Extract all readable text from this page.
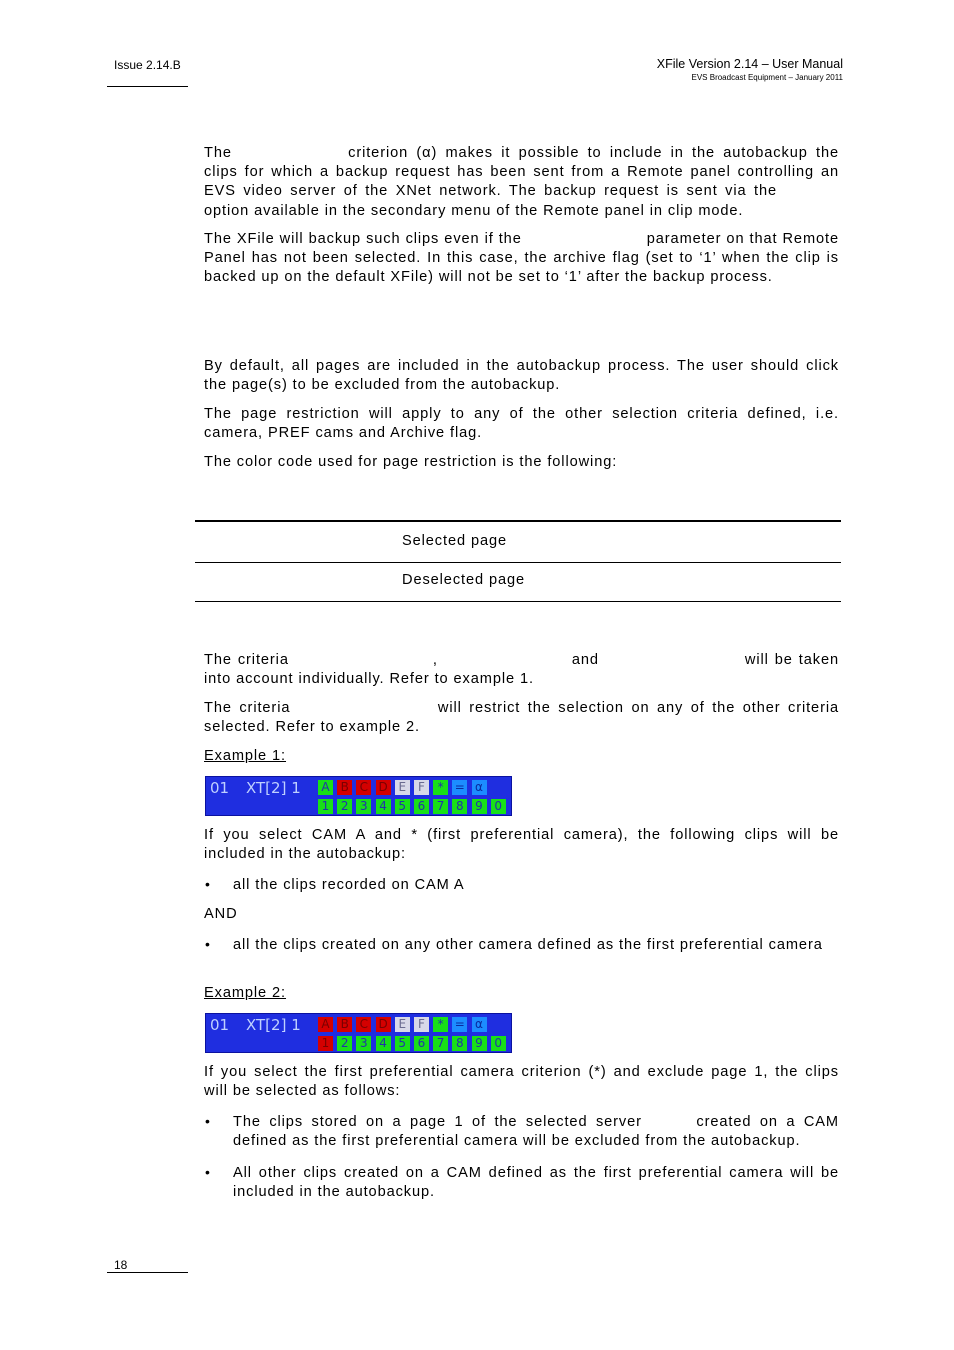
Issue 2.14.B	XFile Version 2.14 – User Manual
EVS Broadcast Equipment – January 2011
The	criterion (α) makes it possible to include in the autobackup the clips for which a backup request has been sent from a Remote panel controlling an EVS video server of the XNet network. The backup request is sent via the option available in the secondary menu of the Remote panel in clip mode.
The XFile will backup such clips even if the	parameter on that Remote Panel has not been selected. In this case, the archive flag (set to ‘1’ when the clip is backed up on the default XFile) will not be set to ‘1’ after the backup process.
By default, all pages are included in the autobackup process. The user should click the page(s) to be excluded from the autobackup.
The page restriction will apply to any of the other selection criteria defined, i.e. camera, PREF cams and Archive flag.
The color code used for page restriction is the following:
Selected page
Deselected page
The criteria	,	and	will be taken into account individually. Refer to example 1.
The criteria	will restrict the selection on any of the other criteria selected. Refer to example 2.
Example 1:
01 XT[2] 1 A B C D E F	* = α
1 2 3 4 5 6 7 8 9 0
If you select CAM A and * (first preferential camera), the following clips will be included in the autobackup:
• all the clips recorded on CAM A
AND
• all the clips created on any other camera defined as the first preferential camera
Example 2:
01 XT[2] 1 A B C D E F	* = α
1 2 3 4 5 6 7 8 9 0
If you select the first preferential camera criterion (*) and exclude page 1, the clips will be selected as follows:
• The clips stored on a page 1 of the selected server	created on a CAM defined as the first preferential camera will be excluded from the autobackup.
• All other clips created on a CAM defined as the first preferential camera will be included in the autobackup.
18
